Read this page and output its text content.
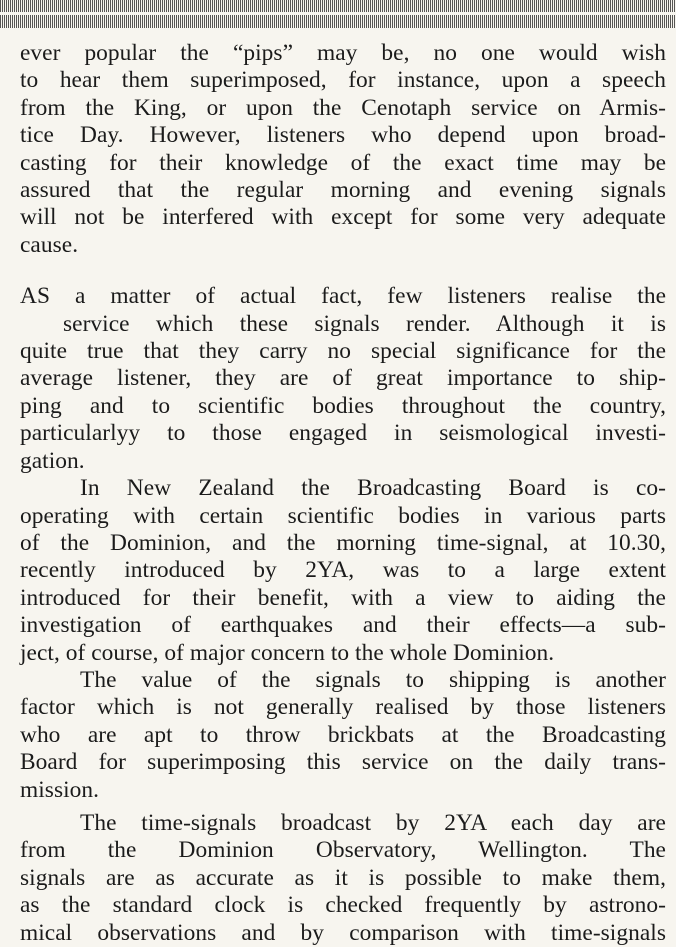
ever popular the “pips” may be, no one would wish
to hear them superimposed, for instance, upon a speech
from the King, or upon the Cenotaph service on Armis-
tice Day. However, listeners who depend upon broad-
casting for their knowledge of the exact time may be
assured that the regular morning and evening signals
will not be interfered with except for some very adequate
cause.

AS a matter of actual fact, few listeners realise the
service which these signals render. Although it is
quite true that they carry no special significance for the
average listener, they are of great importance to ship-
ping and to scientific bodies throughout the country,
particularlyy to those engaged in seismological investi-
gation.

In New Zealand the Broadcasting Board is co-
operating with certain scientific bodies in various parts
of the Dominion, and the morning time-signal, at 10.30,
recently introduced by 2YA, was to a large extent
introduced for their benefit, with a view to aiding the
investigation of earthquakes and their effects—a sub-
ject, of course, of major concern to the whole Dominion.

The value of the signals to shipping is another
factor which is not generally realised by those listeners
who are apt to throw brickbats at the Broadcasting
Board for superimposing this service on the daily trans-
mission.

The time-signals broadcast by 2YA each day are
from the Dominion Observatory, Wellington. The
signals are as accurate as it is possible to make them,
as the standard clock is checked frequently by astrono-
mical observations and by comparison with time-signals
